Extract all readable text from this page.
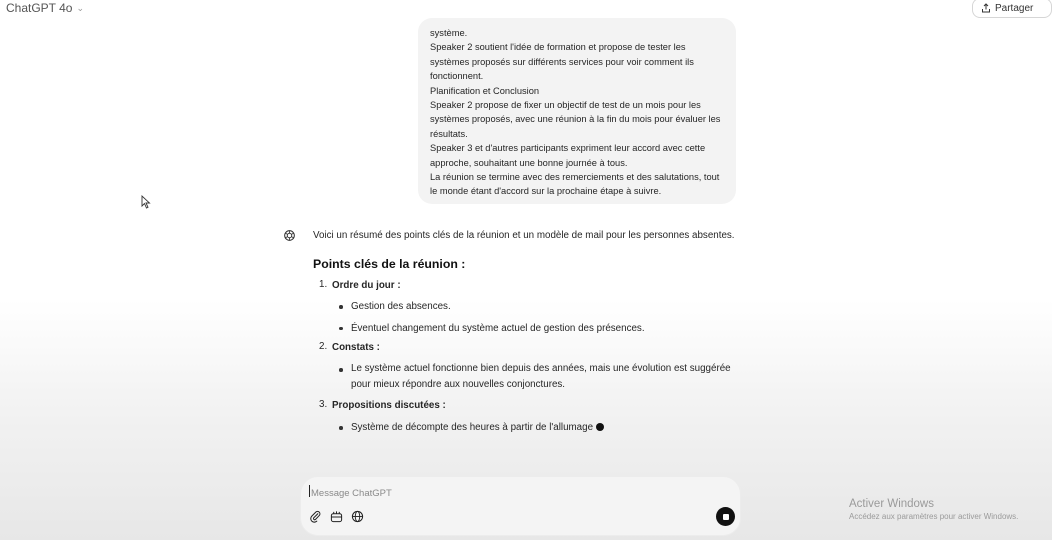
ChatGPT 4o ⌄	Partager

système.

Speaker 2 soutient l'idée de formation et propose de tester les

systèmes proposés sur différents services pour voir comment ils

fonctionnent.

Planification et Conclusion

Speaker 2 propose de fixer un objectif de test de un mois pour les

systèmes proposés, avec une réunion à la fin du mois pour évaluer les

résultats.

Speaker 3 et d'autres participants expriment leur accord avec cette

approche, souhaitant une bonne journée à tous.

La réunion se termine avec des remerciements et des salutations, tout

le monde étant d'accord sur la prochaine étape à suivre.

Voici un résumé des points clés de la réunion et un modèle de mail pour les personnes absentes.

Points clés de la réunion :
1. Ordre du jour :
Gestion des absences.
Éventuel changement du système actuel de gestion des présences.
2. Constats :
Le système actuel fonctionne bien depuis des années, mais une évolution est suggérée
pour mieux répondre aux nouvelles conjonctures.
3. Propositions discutées :
Système de décompte des heures à partir de l'allumage
Message ChatGPT
Activer Windows
Accédez aux paramètres pour activer Windows.
